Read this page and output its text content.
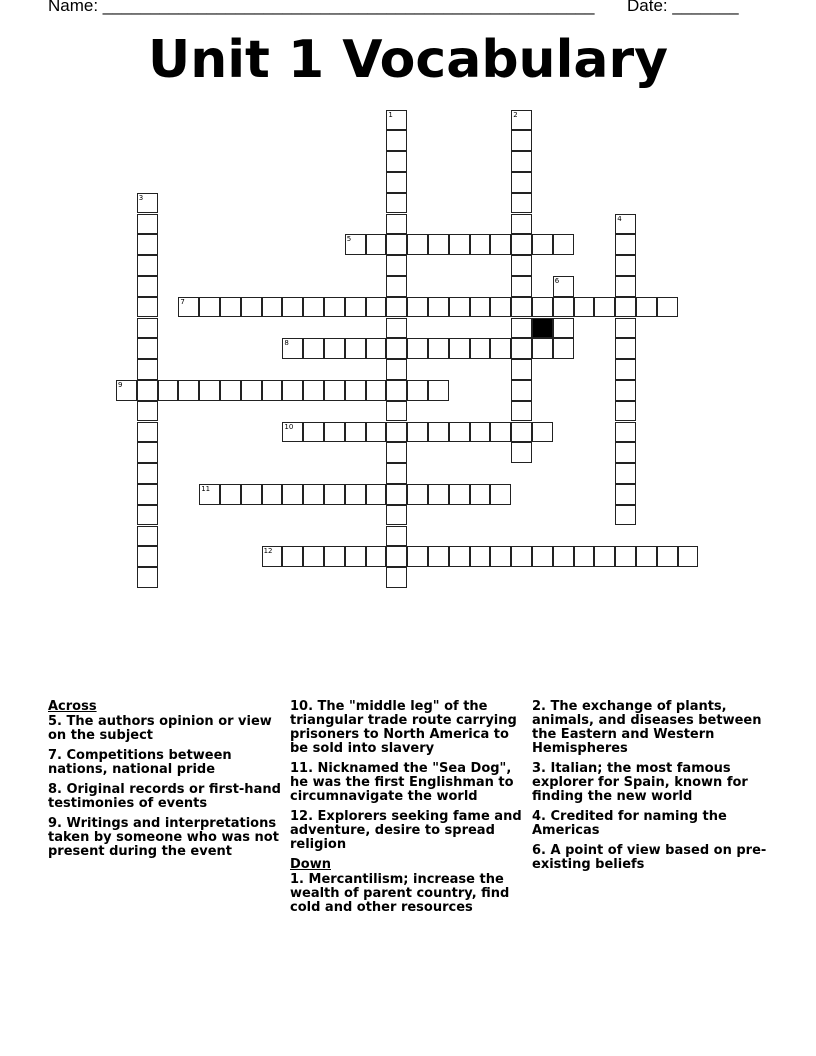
Name: ____________________________________________________ Date: _______
Unit 1 Vocabulary
1	2
3
4
5
6
7
8
9
10
11
12
Across
5. The authors opinion or view on the subject
7. Competitions between nations, national pride
8. Original records or first-hand testimonies of events
9. Writings and interpretations taken by someone who was not present during the event
10. The "middle leg" of the triangular trade route carrying prisoners to North America to be sold into slavery
11. Nicknamed the "Sea Dog", he was the first Englishman to circumnavigate the world
12. Explorers seeking fame and adventure, desire to spread religion
Down
1. Mercantilism; increase the wealth of parent country, find cold and other resources
2. The exchange of plants, animals, and diseases between the Eastern and Western Hemispheres
3. Italian; the most famous explorer for Spain, known for finding the new world
4. Credited for naming the Americas
6. A point of view based on pre-existing beliefs
